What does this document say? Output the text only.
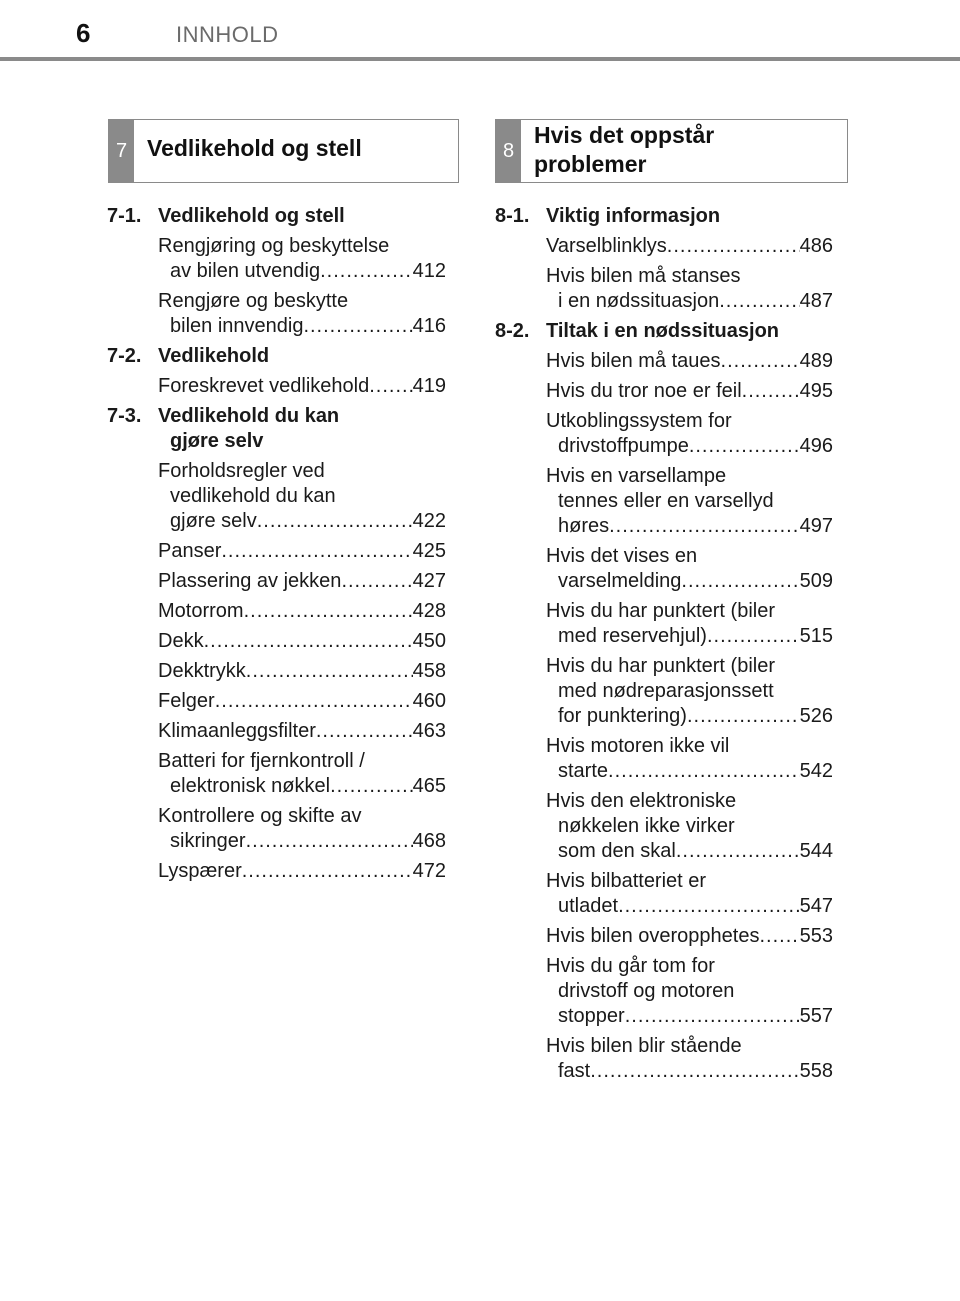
6	INNHOLD
7 Vedlikehold og stell	8
Hvis det oppstår
problemer
7-1. Vedlikehold og stell
Rengjøring og beskyttelse
av bilen utvendig .....	412
Rengjøre og beskytte
bilen innvendig .....	416
7-2. Vedlikehold
Foreskrevet vedlikehold ..... 419
7-3. Vedlikehold du kan
gjøre selv
Forholdsregler ved
vedlikehold du kan
gjøre selv .....	422
Panser .....	425
Plassering av jekken .....	427
Motorrom .....	428
Dekk .....	450
Dekktrykk .....	458
Felger .....	460
Klimaanleggsfilter .....	463
Batteri for fjernkontroll /
elektronisk nøkkel .....	465
Kontrollere og skifte av
sikringer .....	468
Lyspærer .....	472
8-1. Viktig informasjon
Varselblinklys .....	486
Hvis bilen må stanses
i en nødssituasjon .....	487
8-2. Tiltak i en nødssituasjon
Hvis bilen må taues .....	489
Hvis du tror noe er feil .....	495
Utkoblingssystem for
drivstoffpumpe .....	496
Hvis en varsellampe
tennes eller en varsellyd
høres .....	497
Hvis det vises en
varselmelding .....	509
Hvis du har punktert (biler
med reservehjul) .....	515
Hvis du har punktert (biler
med nødreparasjonssett
for punktering) .....	526
Hvis motoren ikke vil
starte .....	542
Hvis den elektroniske
nøkkelen ikke virker
som den skal .....	544
Hvis bilbatteriet er
utladet .....	547
Hvis bilen overopphetes ..... 553
Hvis du går tom for
drivstoff og motoren
stopper .....	557
Hvis bilen blir stående
fast .....	558
